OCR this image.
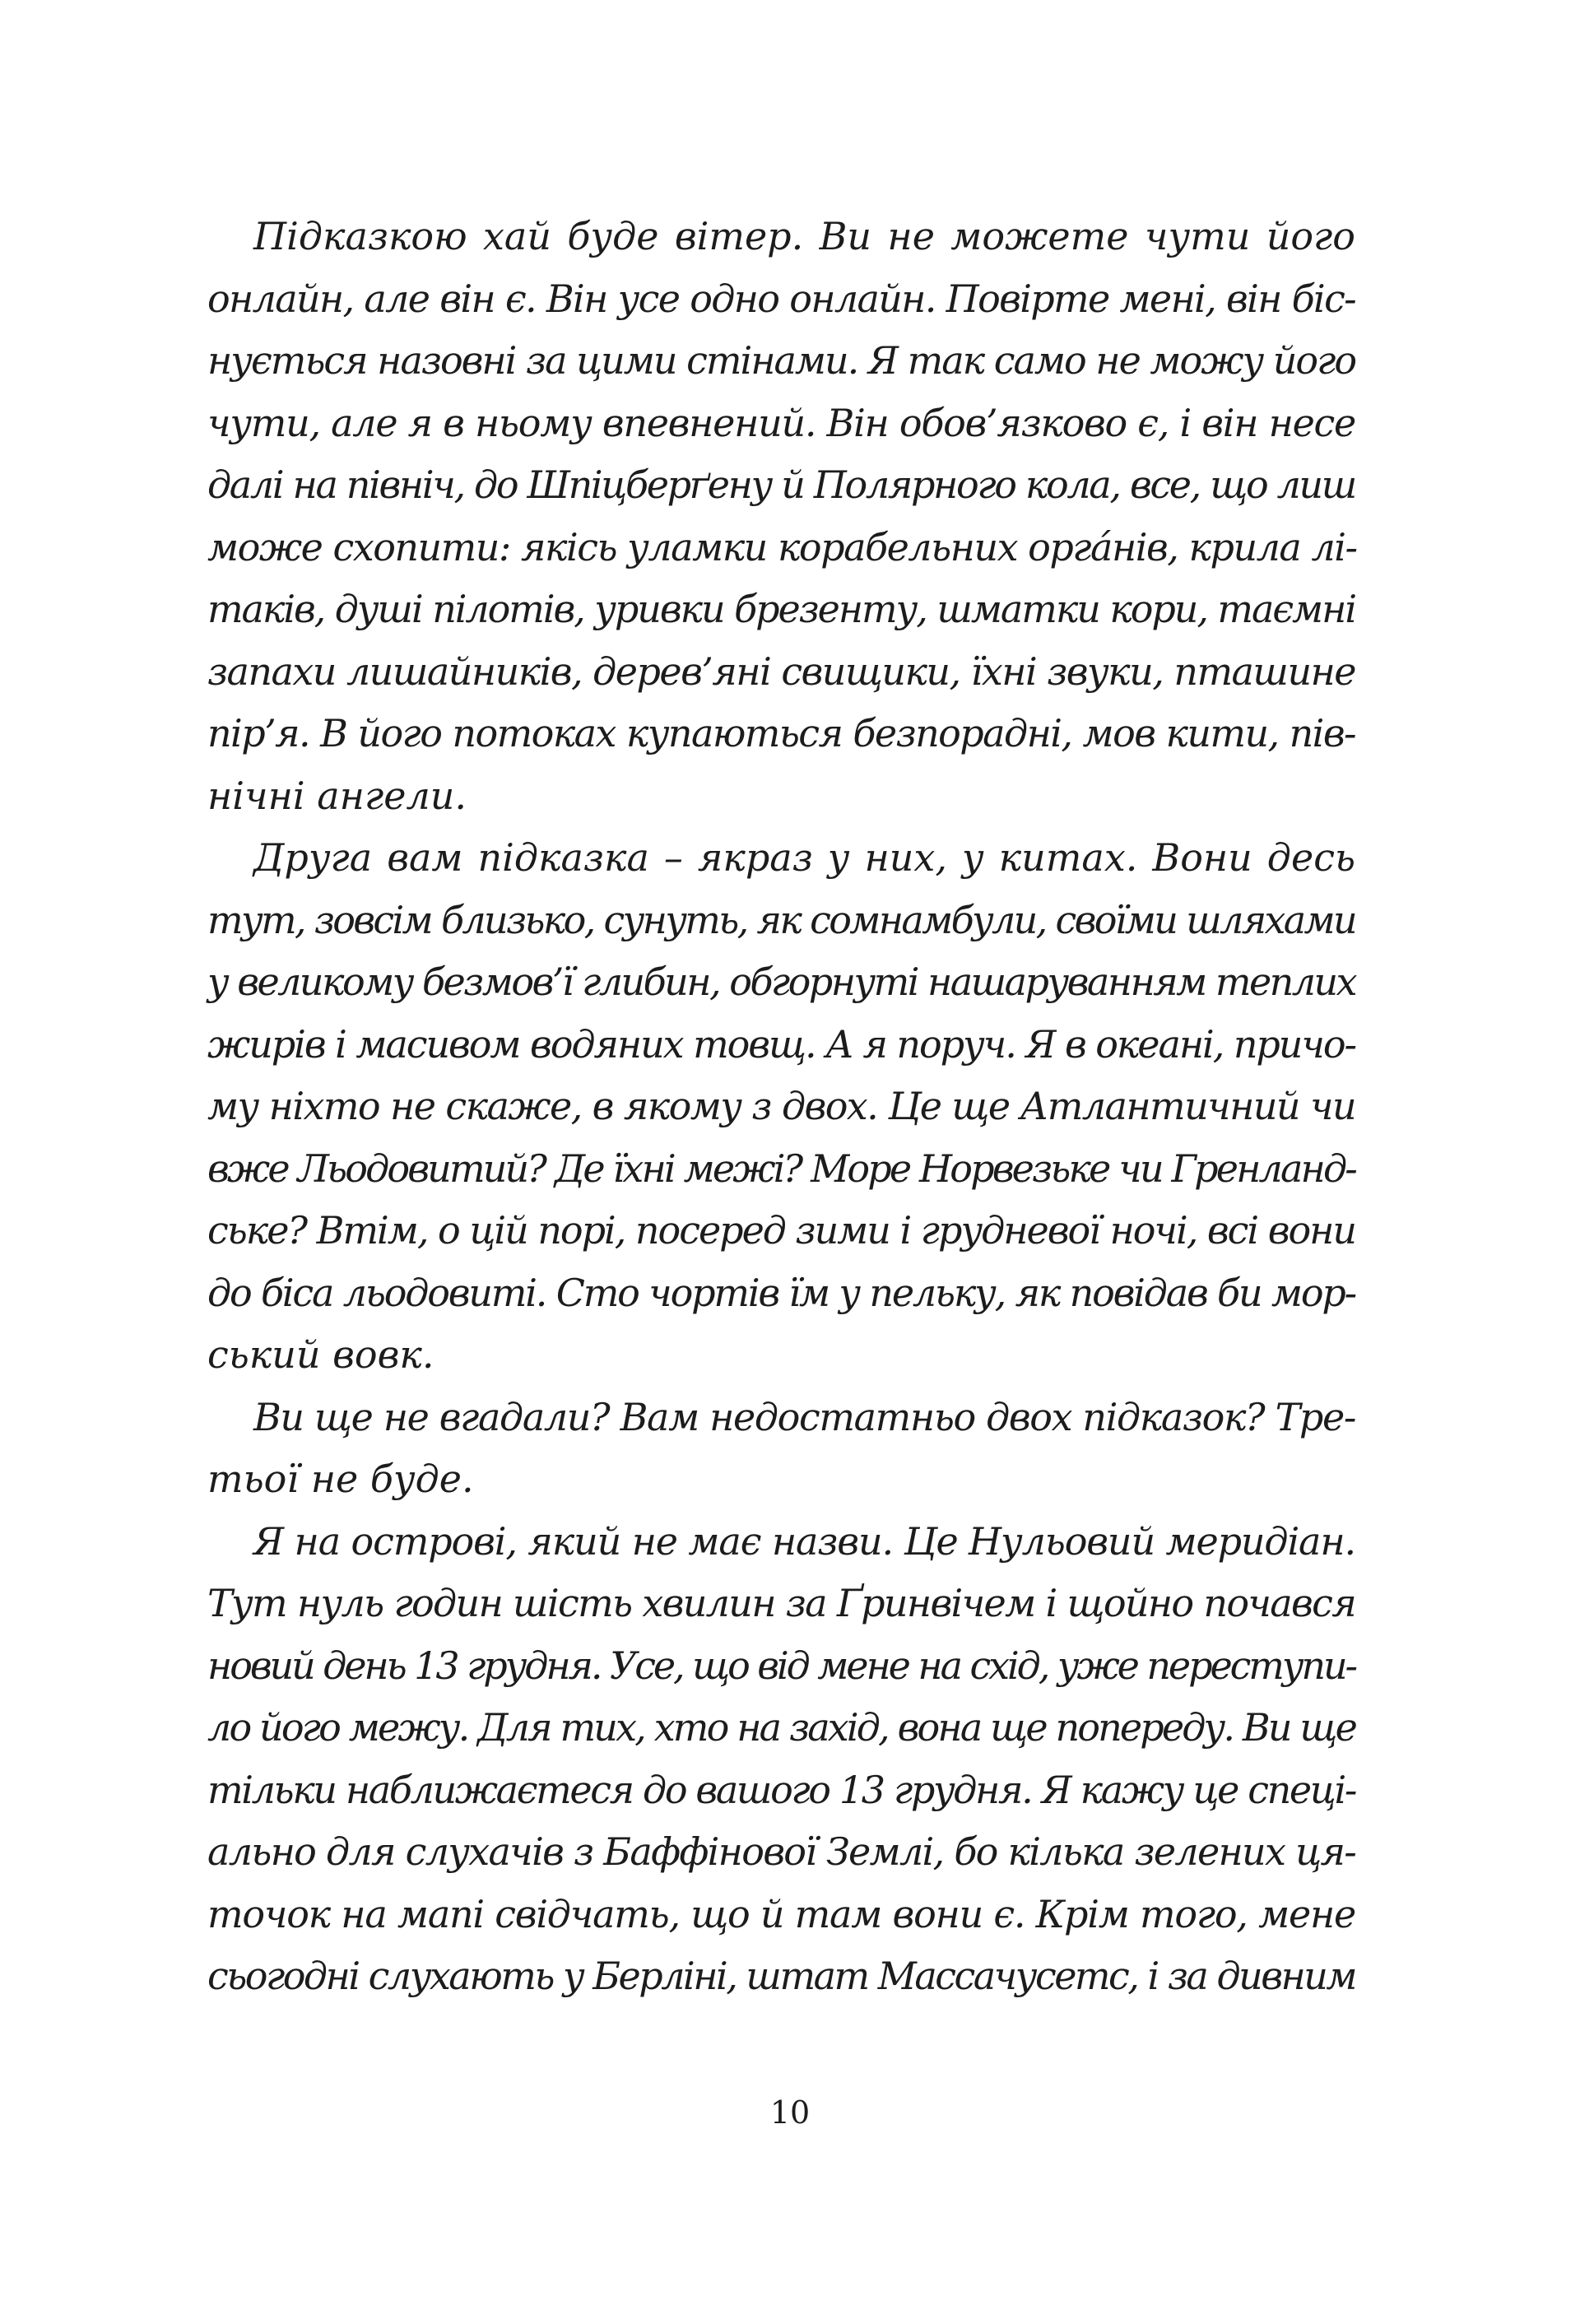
Підказкою хай буде вітер. Ви не можете чути його
онлайн, але він є. Він усе одно онлайн. Повірте мені, він біс-
нується назовні за цими стінами. Я так само не можу його
чути, але я в ньому впевнений. Він обов’язково є, і він несе
далі на північ, до Шпіцберґену й Полярного кола, все, що лиш
може схопити: якісь уламки корабельних орга́нів, крила лі-
таків, душі пілотів, уривки брезенту, шматки кори, таємні
запахи лишайників, дерев’яні свищики, їхні звуки, пташине
пір’я. В його потоках купаються безпорадні, мов кити, пів-
нічні ангели.
Друга вам підказка – якраз у них, у китах. Вони десь
тут, зовсім близько, сунуть, як сомнамбули, своїми шляхами
у великому безмов’ї глибин, обгорнуті нашаруванням теплих
жирів і масивом водяних товщ. А я поруч. Я в океані, причо-
му ніхто не скаже, в якому з двох. Це ще Атлантичний чи
вже Льодовитий? Де їхні межі? Море Норвезьке чи Гренланд-
ське? Втім, о цій порі, посеред зими і грудневої ночі, всі вони
до біса льодовиті. Сто чортів їм у пельку, як повідав би мор-
ський вовк.
Ви ще не вгадали? Вам недостатньо двох підказок? Тре-
тьої не буде.
Я на острові, який не має назви. Це Нульовий меридіан.
Тут нуль годин шість хвилин за Ґринвічем і щойно почався
новий день 13 грудня. Усе, що від мене на схід, уже переступи-
ло його межу. Для тих, хто на захід, вона ще попереду. Ви ще
тільки наближаєтеся до вашого 13 грудня. Я кажу це спеці-
ально для слухачів з Баффінової Землі, бо кілька зелених ця-
точок на мапі свідчать, що й там вони є. Крім того, мене
сьогодні слухають у Берліні, штат Массачусетс, і за дивним
10
